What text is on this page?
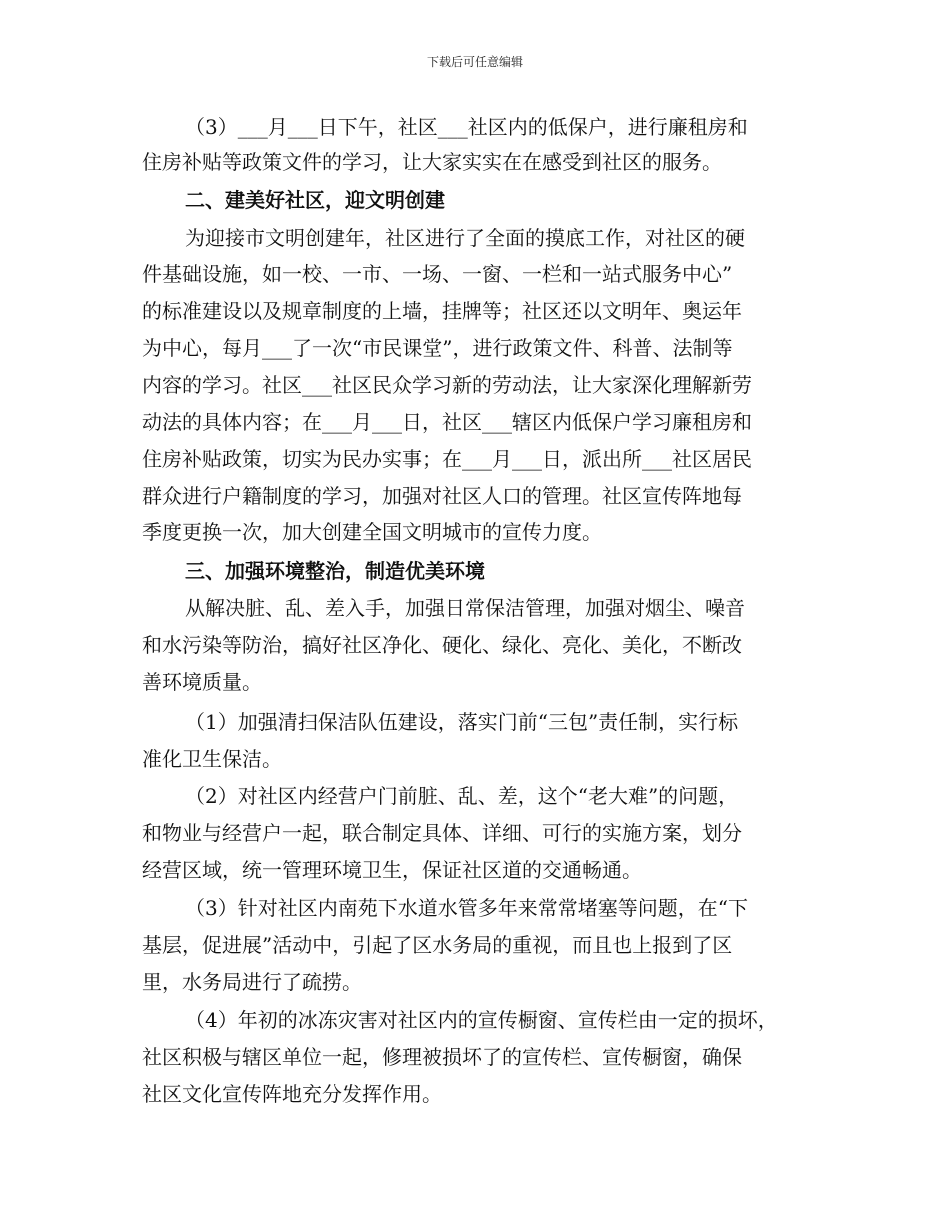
下载后可任意编辑
（3）___月___日下午，社区___社区内的低保户，进行廉租房和
住房补贴等政策文件的学习，让大家实实在在感受到社区的服务。
二、建美好社区，迎文明创建
为迎接市文明创建年，社区进行了全面的摸底工作，对社区的硬
件基础设施，如一校、一市、一场、一窗、一栏和一站式服务中心”
的标准建设以及规章制度的上墙，挂牌等；社区还以文明年、奥运年
为中心，每月___了一次“市民课堂”，进行政策文件、科普、法制等
内容的学习。社区___社区民众学习新的劳动法，让大家深化理解新劳
动法的具体内容；在___月___日，社区___辖区内低保户学习廉租房和
住房补贴政策，切实为民办实事；在___月___日，派出所___社区居民
群众进行户籍制度的学习，加强对社区人口的管理。社区宣传阵地每
季度更换一次，加大创建全国文明城市的宣传力度。
三、加强环境整治，制造优美环境
从解决脏、乱、差入手，加强日常保洁管理，加强对烟尘、噪音
和水污染等防治，搞好社区净化、硬化、绿化、亮化、美化，不断改
善环境质量。
（1）加强清扫保洁队伍建设，落实门前“三包”责任制，实行标
准化卫生保洁。
（2）对社区内经营户门前脏、乱、差，这个“老大难”的问题，
和物业与经营户一起，联合制定具体、详细、可行的实施方案，划分
经营区域，统一管理环境卫生，保证社区道的交通畅通。
（3）针对社区内南苑下水道水管多年来常常堵塞等问题，在“下
基层，促进展”活动中，引起了区水务局的重视，而且也上报到了区
里，水务局进行了疏捞。
（4）年初的冰冻灾害对社区内的宣传橱窗、宣传栏由一定的损坏，
社区积极与辖区单位一起，修理被损坏了的宣传栏、宣传橱窗，确保
社区文化宣传阵地充分发挥作用。
